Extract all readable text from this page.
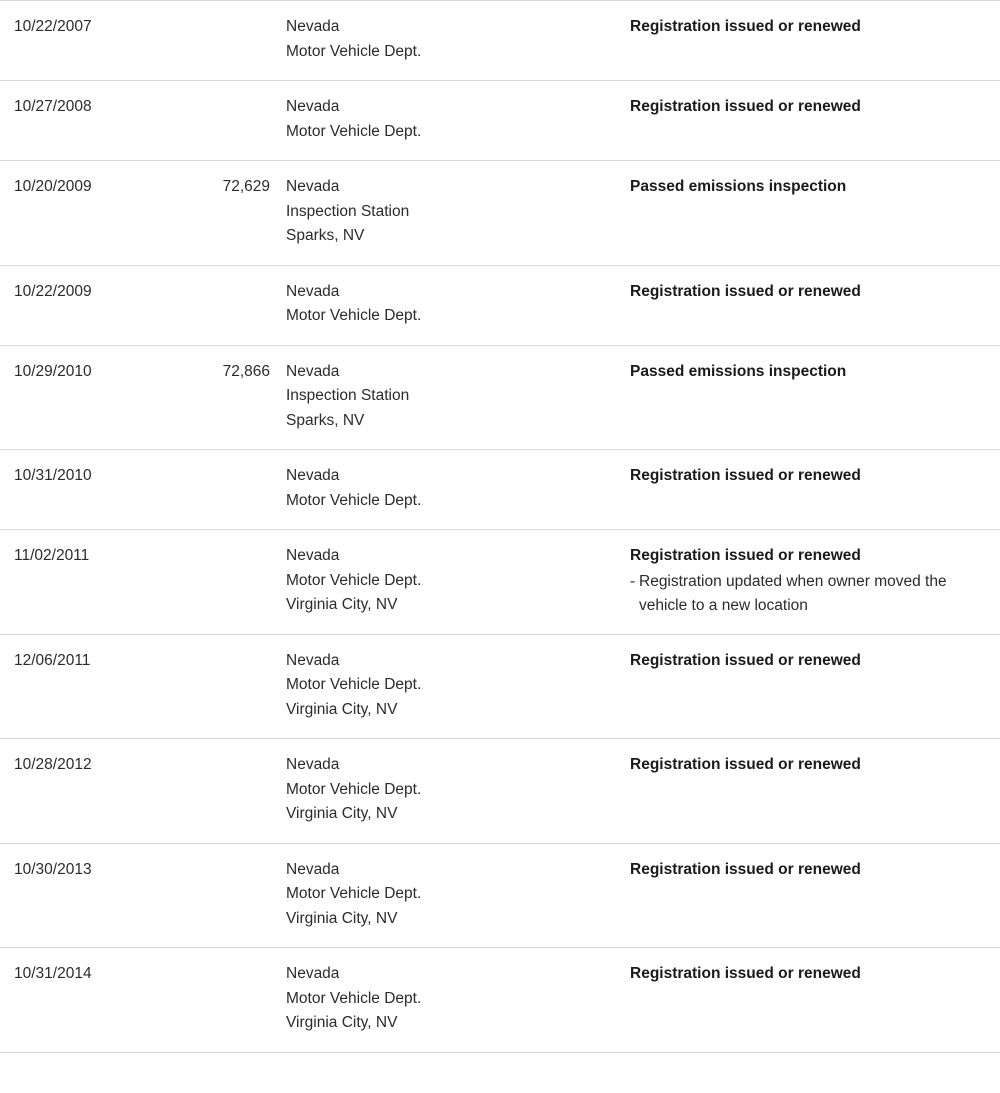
10/22/2007		Nevada
Motor Vehicle Dept.	Registration issued or renewed

10/27/2008		Nevada
Motor Vehicle Dept.	Registration issued or renewed

10/20/2009	72,629	Nevada
Inspection Station
Sparks, NV	Passed emissions inspection

10/22/2009		Nevada
Motor Vehicle Dept.	Registration issued or renewed

10/29/2010	72,866	Nevada
Inspection Station
Sparks, NV	Passed emissions inspection

10/31/2010		Nevada
Motor Vehicle Dept.	Registration issued or renewed

11/02/2011		Nevada
Motor Vehicle Dept.
Virginia City, NV	Registration issued or renewed
- Registration updated when owner moved the vehicle to a new location

12/06/2011		Nevada
Motor Vehicle Dept.
Virginia City, NV	Registration issued or renewed

10/28/2012		Nevada
Motor Vehicle Dept.
Virginia City, NV	Registration issued or renewed

10/30/2013		Nevada
Motor Vehicle Dept.
Virginia City, NV	Registration issued or renewed

10/31/2014		Nevada
Motor Vehicle Dept.
Virginia City, NV	Registration issued or renewed
